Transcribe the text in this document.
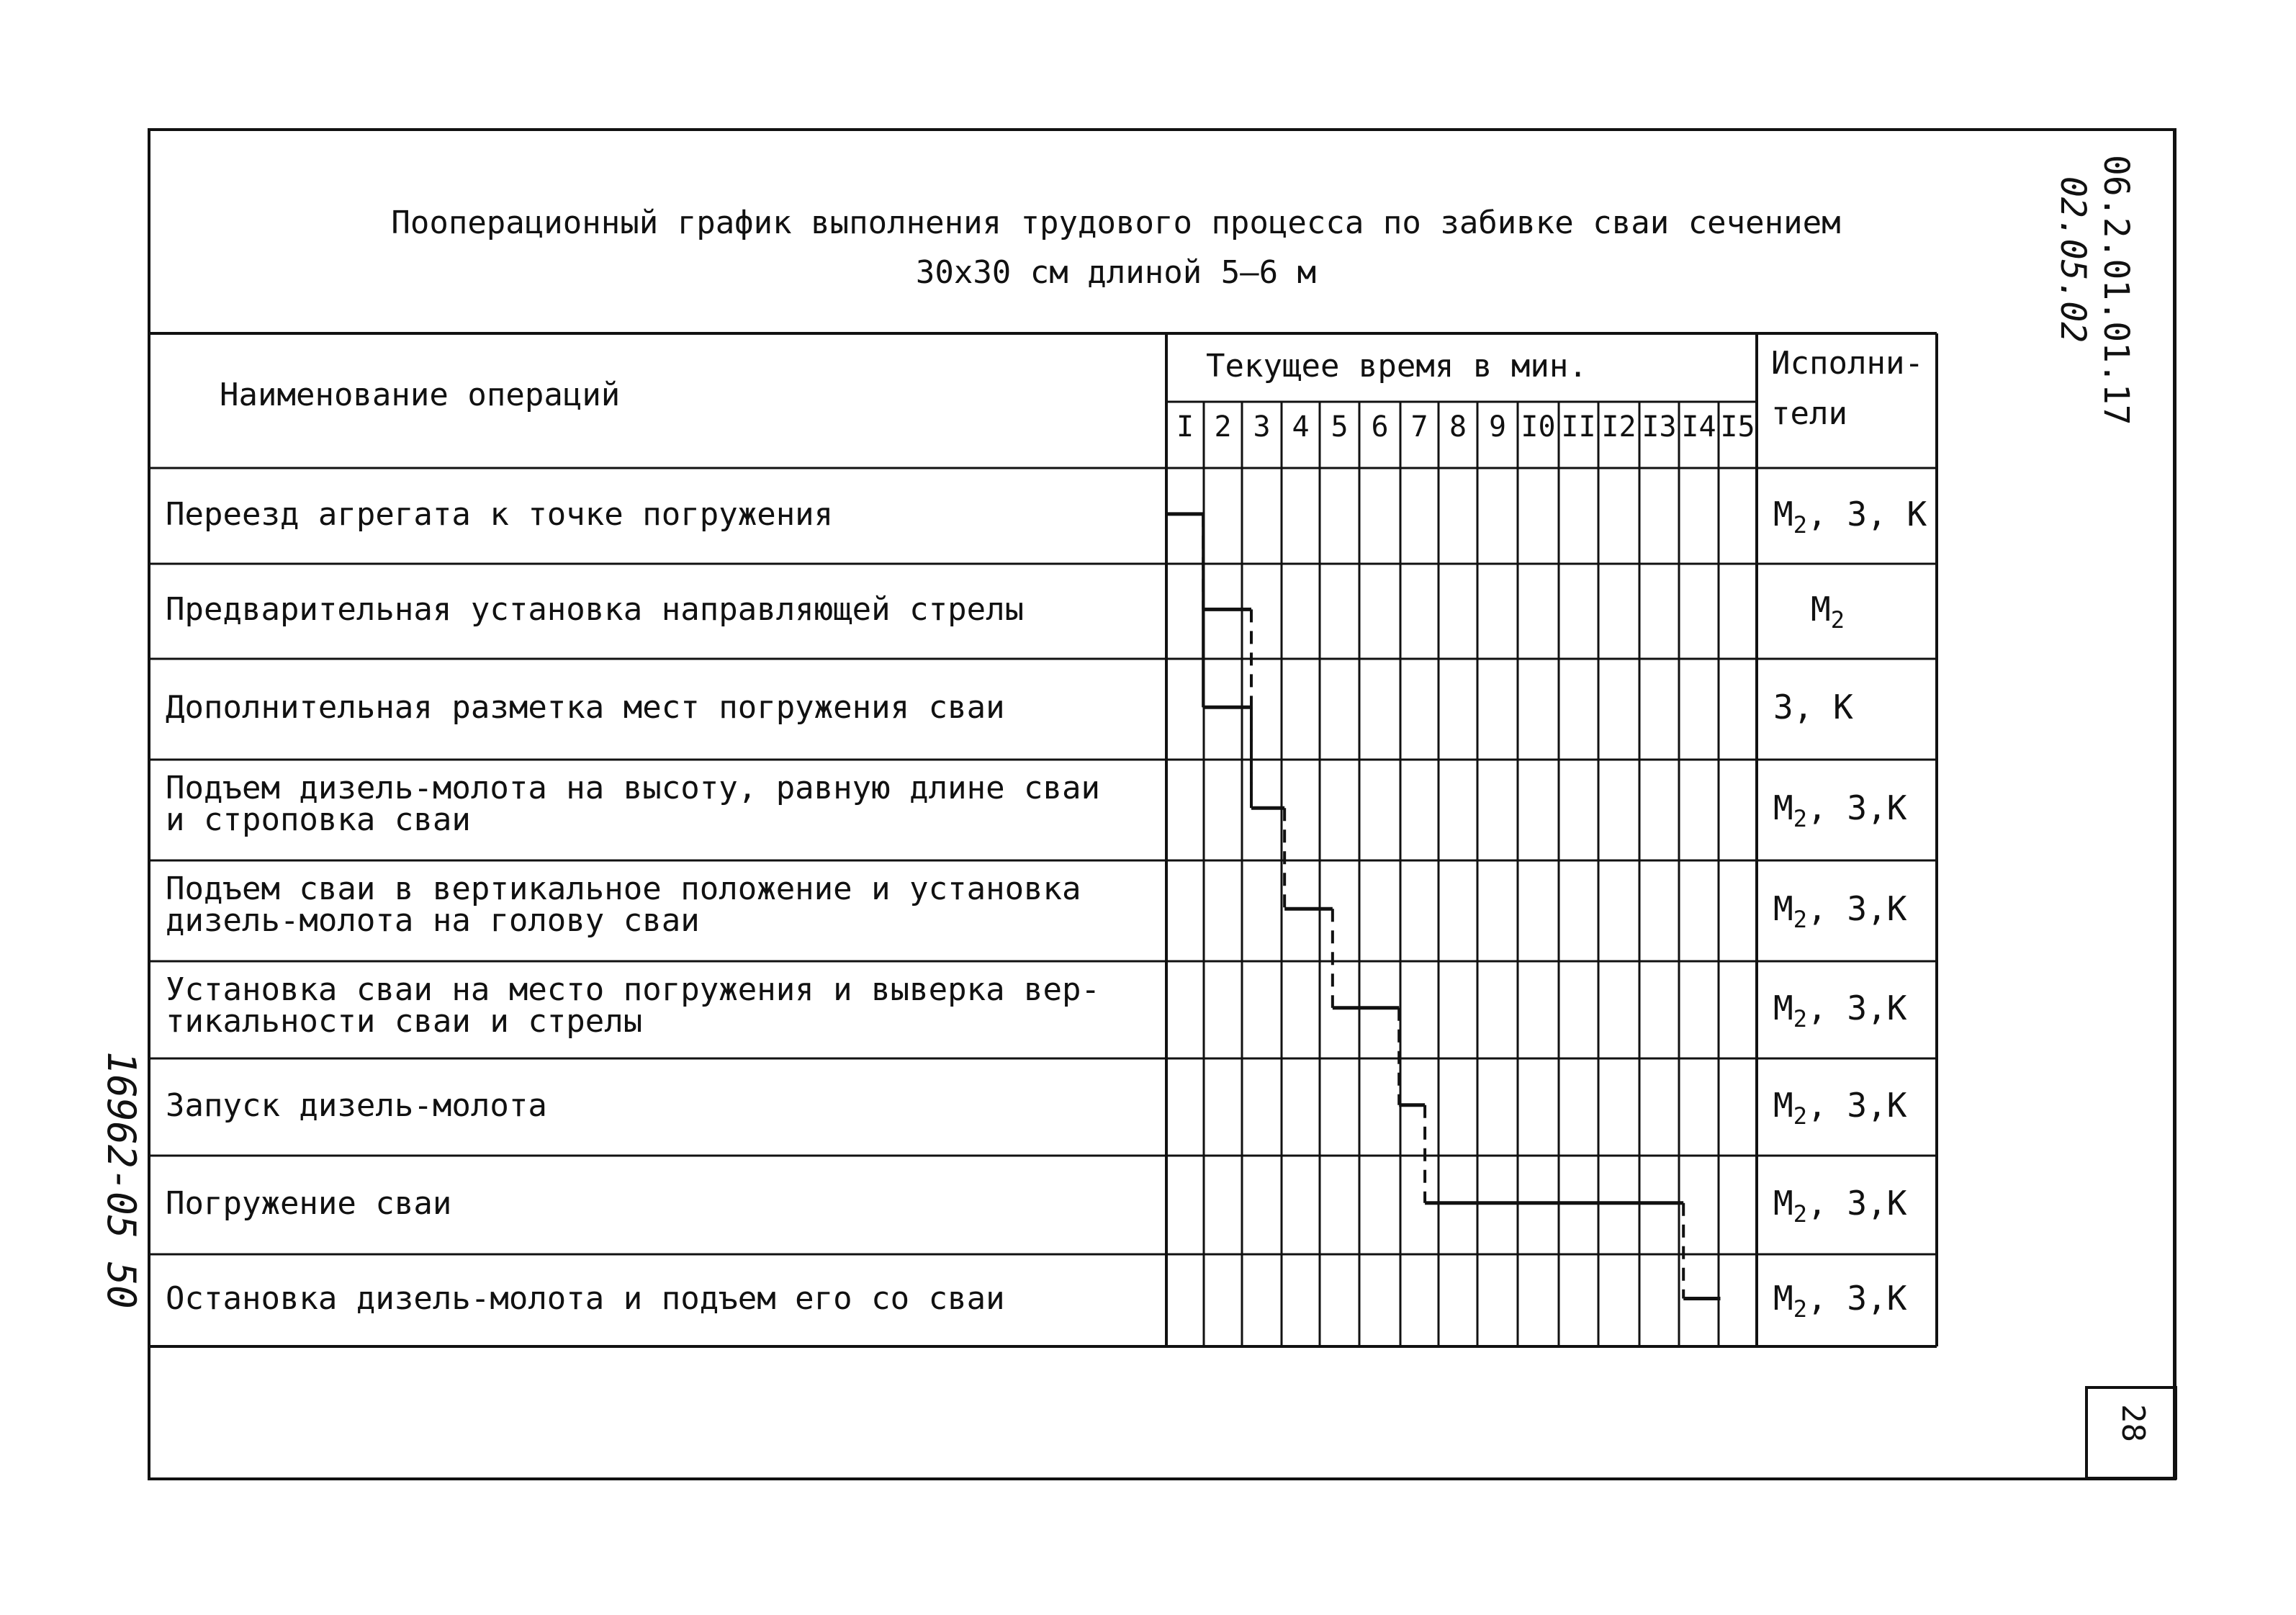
Пооперационный график выполнения трудового процесса по забивке сваи сечением
30х30 см длиной 5–6 м	06.2.01.01.17
02.05.02
16962-05 50
28
Наименование операций
Текущее время в мин.	Исполни-
тели
I 2 3 4 5 6 7 8 9 I0 II I2 I3 I4 I5
Переезд агрегата к точке погружения	$М_2$, З, К
Предварительная установка направляющей стрелы	$М_2$
Дополнительная разметка мест погружения сваи	З, К
Подъем дизель-молота на высоту, равную длине сваи
и строповка сваи	$М_2$, З,К
Подъем сваи в вертикальное положение и установка
дизель-молота на голову сваи	$М_2$, З,К
Установка сваи на место погружения и выверка вер-
тикальности сваи и стрелы	$М_2$, З,К
Запуск дизель-молота	$М_2$, З,К
Погружение сваи	$М_2$, З,К
Остановка дизель-молота и подъем его со сваи	$М_2$, З,К
